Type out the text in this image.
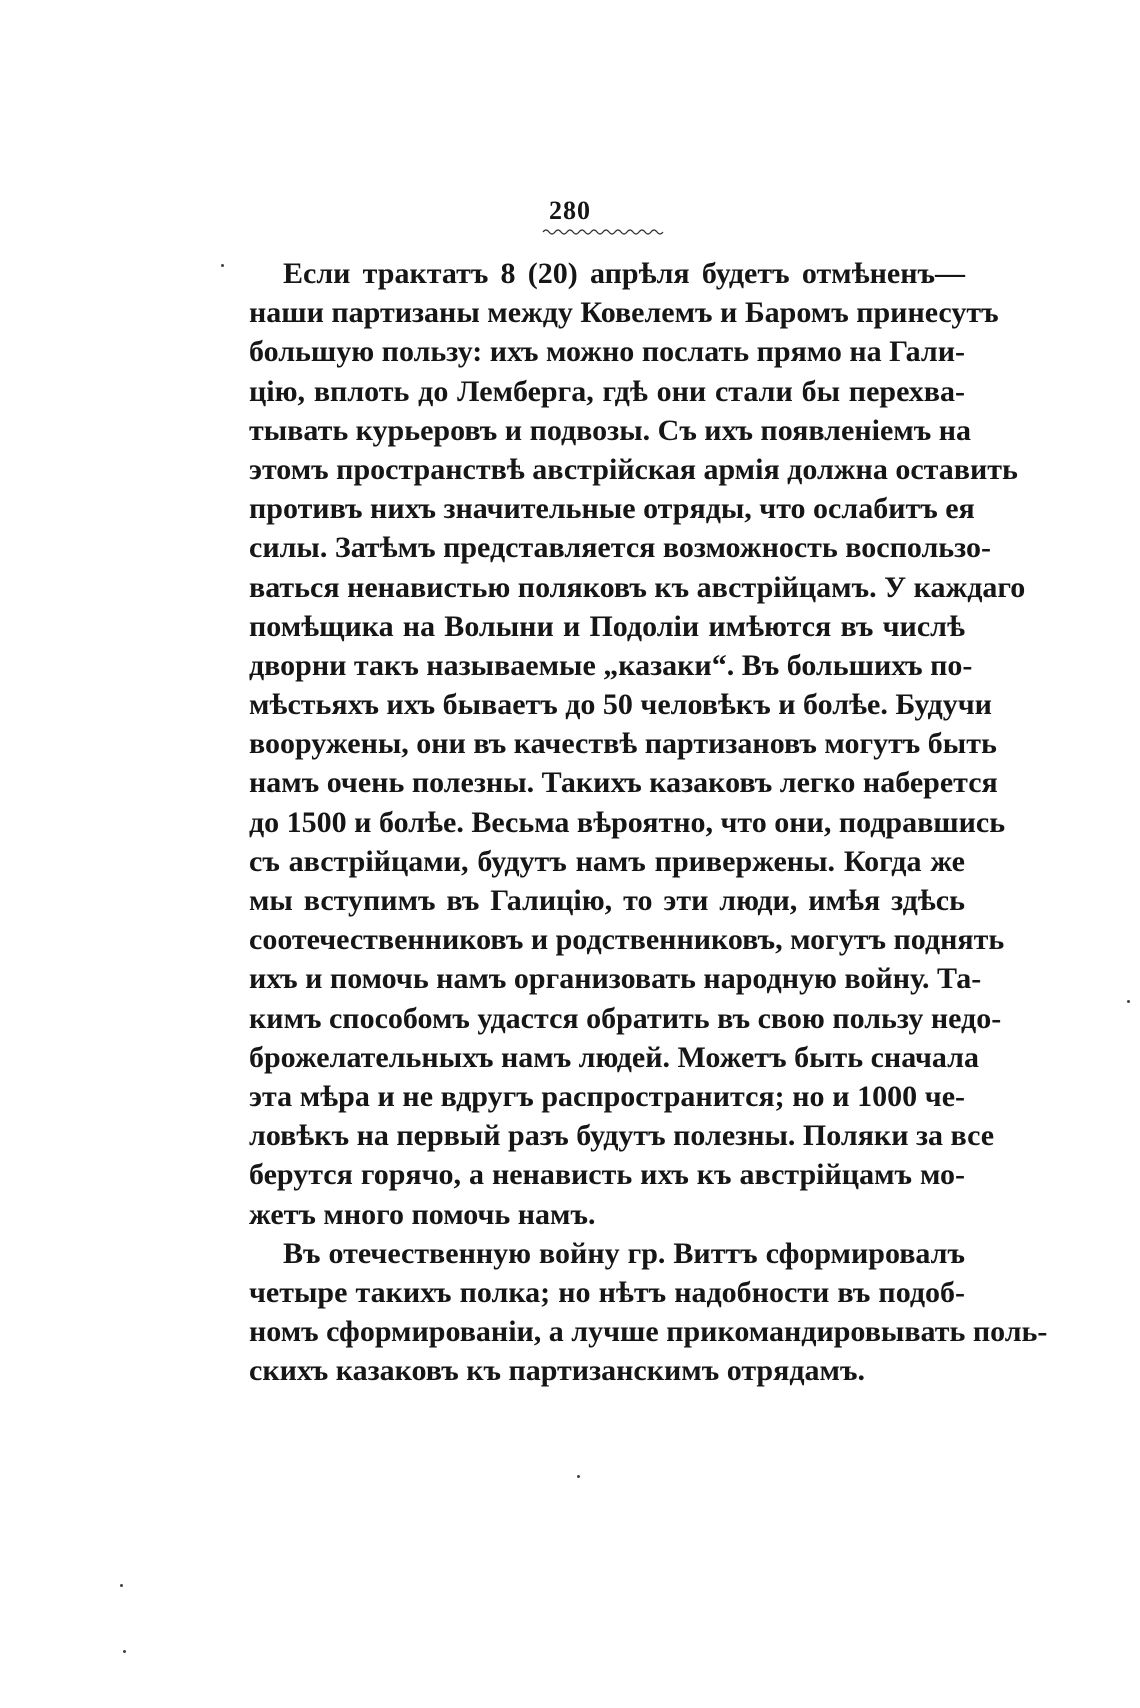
280
Если трактатъ 8 (20) апрѣля будетъ отмѣненъ—
наши партизаны между Ковелемъ и Баромъ принесутъ
большую пользу: ихъ можно послать прямо на Гали-
цію, вплоть до Лемберга, гдѣ они стали бы перехва-
тывать курьеровъ и подвозы. Съ ихъ появленіемъ на
этомъ пространствѣ австрійская армія должна оставить
противъ нихъ значительные отряды, что ослабитъ ея
силы. Затѣмъ представляется возможность воспользо-
ваться ненавистью поляковъ къ австрійцамъ. У каждаго
помѣщика на Волыни и Подоліи имѣются въ числѣ
дворни такъ называемые „казаки“. Въ большихъ по-
мѣстьяхъ ихъ бываетъ до 50 человѣкъ и болѣе. Будучи
вооружены, они въ качествѣ партизановъ могутъ быть
намъ очень полезны. Такихъ казаковъ легко наберется
до 1500 и болѣе. Весьма вѣроятно, что они, подравшись
съ австрійцами, будутъ намъ привержены. Когда же
мы вступимъ въ Галицію, то эти люди, имѣя здѣсь
соотечественниковъ и родственниковъ, могутъ поднять
ихъ и помочь намъ организовать народную войну. Та-
кимъ способомъ удастся обратить въ свою пользу недо-
брожелательныхъ намъ людей. Можетъ быть сначала
эта мѣра и не вдругъ распространится; но и 1000 че-
ловѣкъ на первый разъ будутъ полезны. Поляки за все
берутся горячо, а ненависть ихъ къ австрійцамъ мо-
жетъ много помочь намъ.
Въ отечественную войну гр. Виттъ сформировалъ
четыре такихъ полка; но нѣтъ надобности въ подоб-
номъ сформированіи, а лучше прикомандировывать поль-
скихъ казаковъ къ партизанскимъ отрядамъ.
